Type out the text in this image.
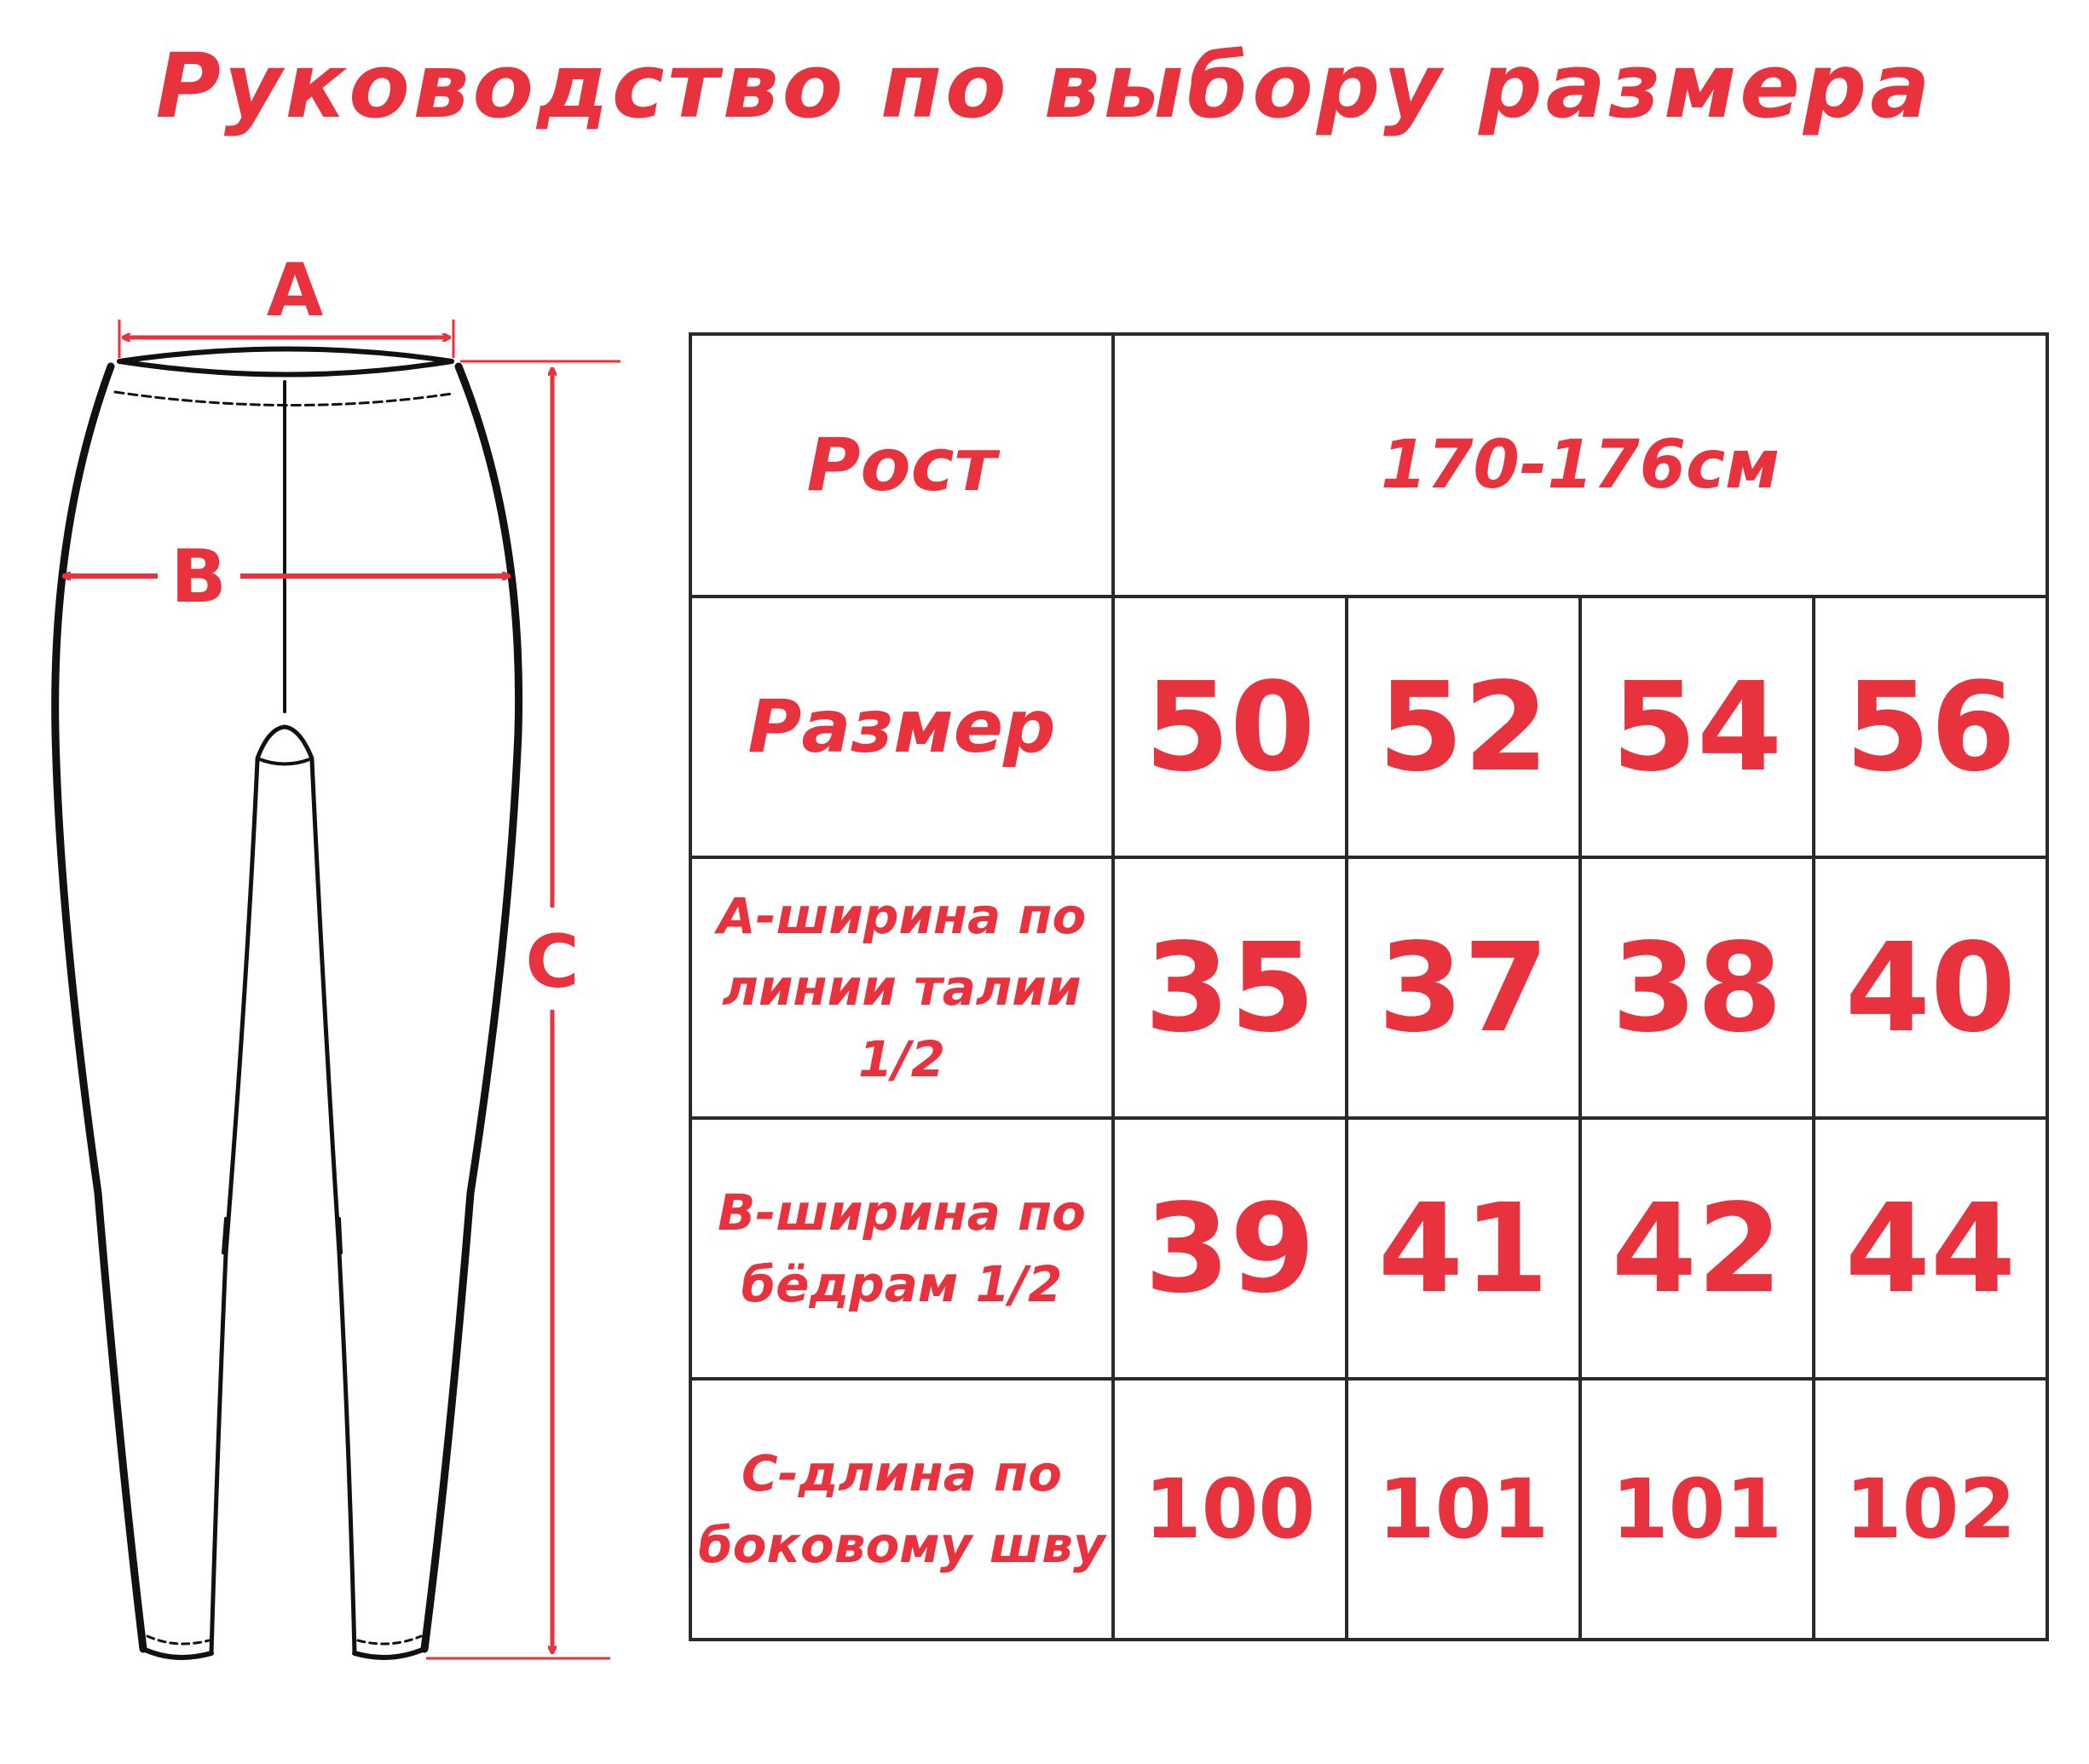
Руководство по выбору размера
A
B
C
Рост	170-176см			
Размер	50	52	54	56
А-ширина по линии талии 1/2	35	37	38	40
В-ширина по бёдрам 1/2	39	41	42	44
С-длина по боковому шву	100	101	101	102
